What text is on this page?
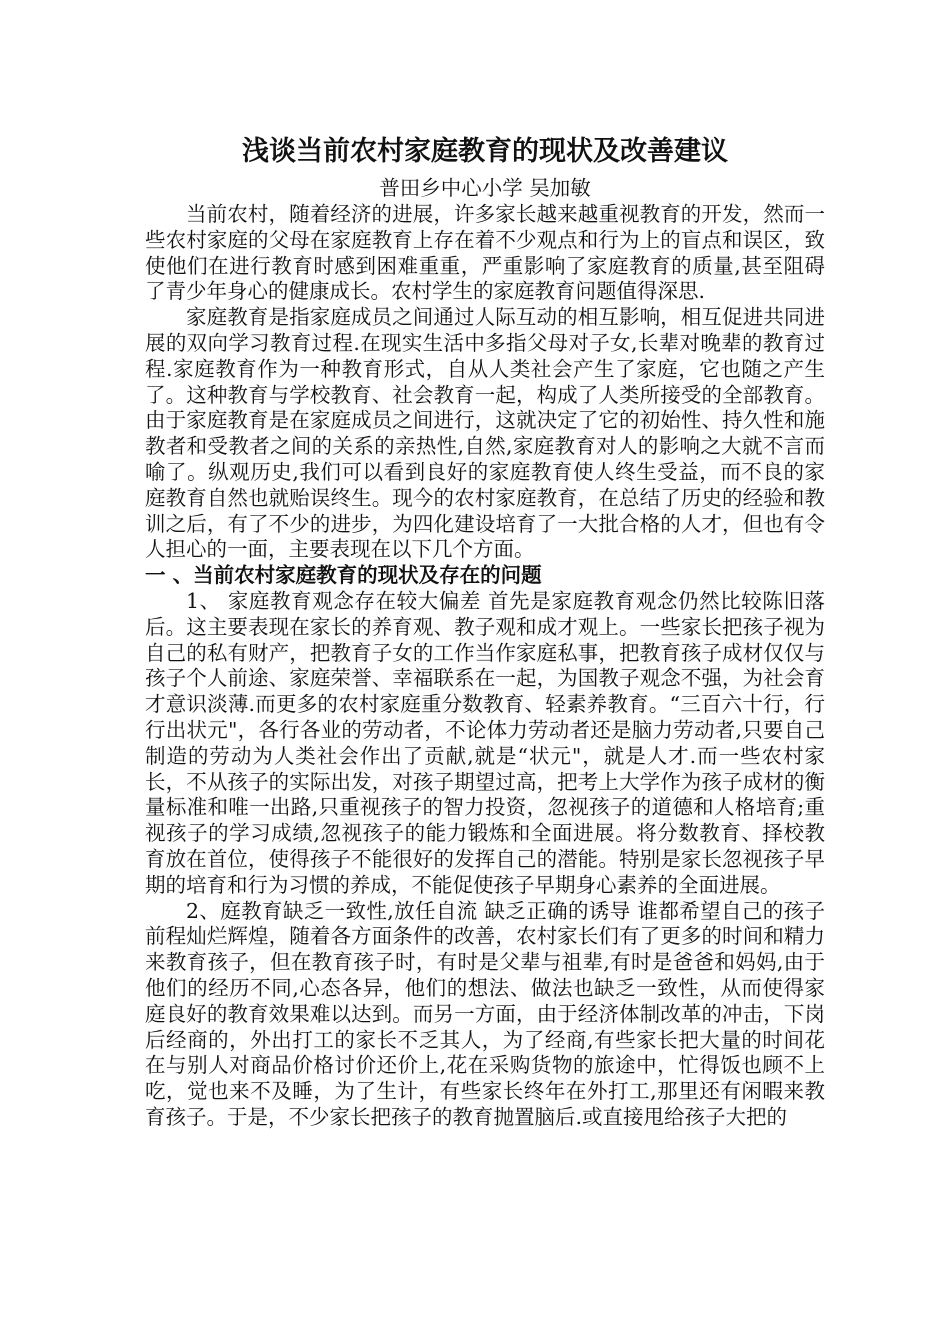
浅谈当前农村家庭教育的现状及改善建议

普田乡中心小学 吴加敏

当前农村，随着经济的进展，许多家长越来越重视教育的开发，然而一些农村家庭的父母在家庭教育上存在着不少观点和行为上的盲点和误区，致使他们在进行教育时感到困难重重，严重影响了家庭教育的质量,甚至阻碍了青少年身心的健康成长。农村学生的家庭教育问题值得深思.

家庭教育是指家庭成员之间通过人际互动的相互影响，相互促进共同进展的双向学习教育过程.在现实生活中多指父母对子女,长辈对晚辈的教育过程.家庭教育作为一种教育形式，自从人类社会产生了家庭，它也随之产生了。这种教育与学校教育、社会教育一起，构成了人类所接受的全部教育。由于家庭教育是在家庭成员之间进行，这就决定了它的初始性、持久性和施教者和受教者之间的关系的亲热性,自然,家庭教育对人的影响之大就不言而喻了。纵观历史,我们可以看到良好的家庭教育使人终生受益，而不良的家庭教育自然也就贻误终生。现今的农村家庭教育，在总结了历史的经验和教训之后，有了不少的进步，为四化建设培育了一大批合格的人才，但也有令人担心的一面，主要表现在以下几个方面。

一 、当前农村家庭教育的现状及存在的问题

1、 家庭教育观念存在较大偏差 首先是家庭教育观念仍然比较陈旧落后。这主要表现在家长的养育观、教子观和成才观上。一些家长把孩子视为自己的私有财产，把教育子女的工作当作家庭私事，把教育孩子成材仅仅与孩子个人前途、家庭荣誉、幸福联系在一起，为国教子观念不强，为社会育才意识淡薄.而更多的农村家庭重分数教育、轻素养教育。“三百六十行，行行出状元"，各行各业的劳动者，不论体力劳动者还是脑力劳动者,只要自己制造的劳动为人类社会作出了贡献,就是“状元"，就是人才.而一些农村家长，不从孩子的实际出发，对孩子期望过高，把考上大学作为孩子成材的衡量标准和唯一出路,只重视孩子的智力投资，忽视孩子的道德和人格培育;重视孩子的学习成绩,忽视孩子的能力锻炼和全面进展。将分数教育、择校教育放在首位，使得孩子不能很好的发挥自己的潜能。特别是家长忽视孩子早期的培育和行为习惯的养成，不能促使孩子早期身心素养的全面进展。

2、庭教育缺乏一致性,放任自流 缺乏正确的诱导 谁都希望自己的孩子前程灿烂辉煌，随着各方面条件的改善，农村家长们有了更多的时间和精力来教育孩子，但在教育孩子时，有时是父辈与祖辈,有时是爸爸和妈妈,由于他们的经历不同,心态各异，他们的想法、做法也缺乏一致性，从而使得家庭良好的教育效果难以达到。而另一方面，由于经济体制改革的冲击，下岗后经商的，外出打工的家长不乏其人，为了经商,有些家长把大量的时间花在与别人对商品价格讨价还价上,花在采购货物的旅途中，忙得饭也顾不上吃，觉也来不及睡，为了生计，有些家长终年在外打工,那里还有闲暇来教育孩子。于是，不少家长把孩子的教育抛置脑后.或直接甩给孩子大把的
